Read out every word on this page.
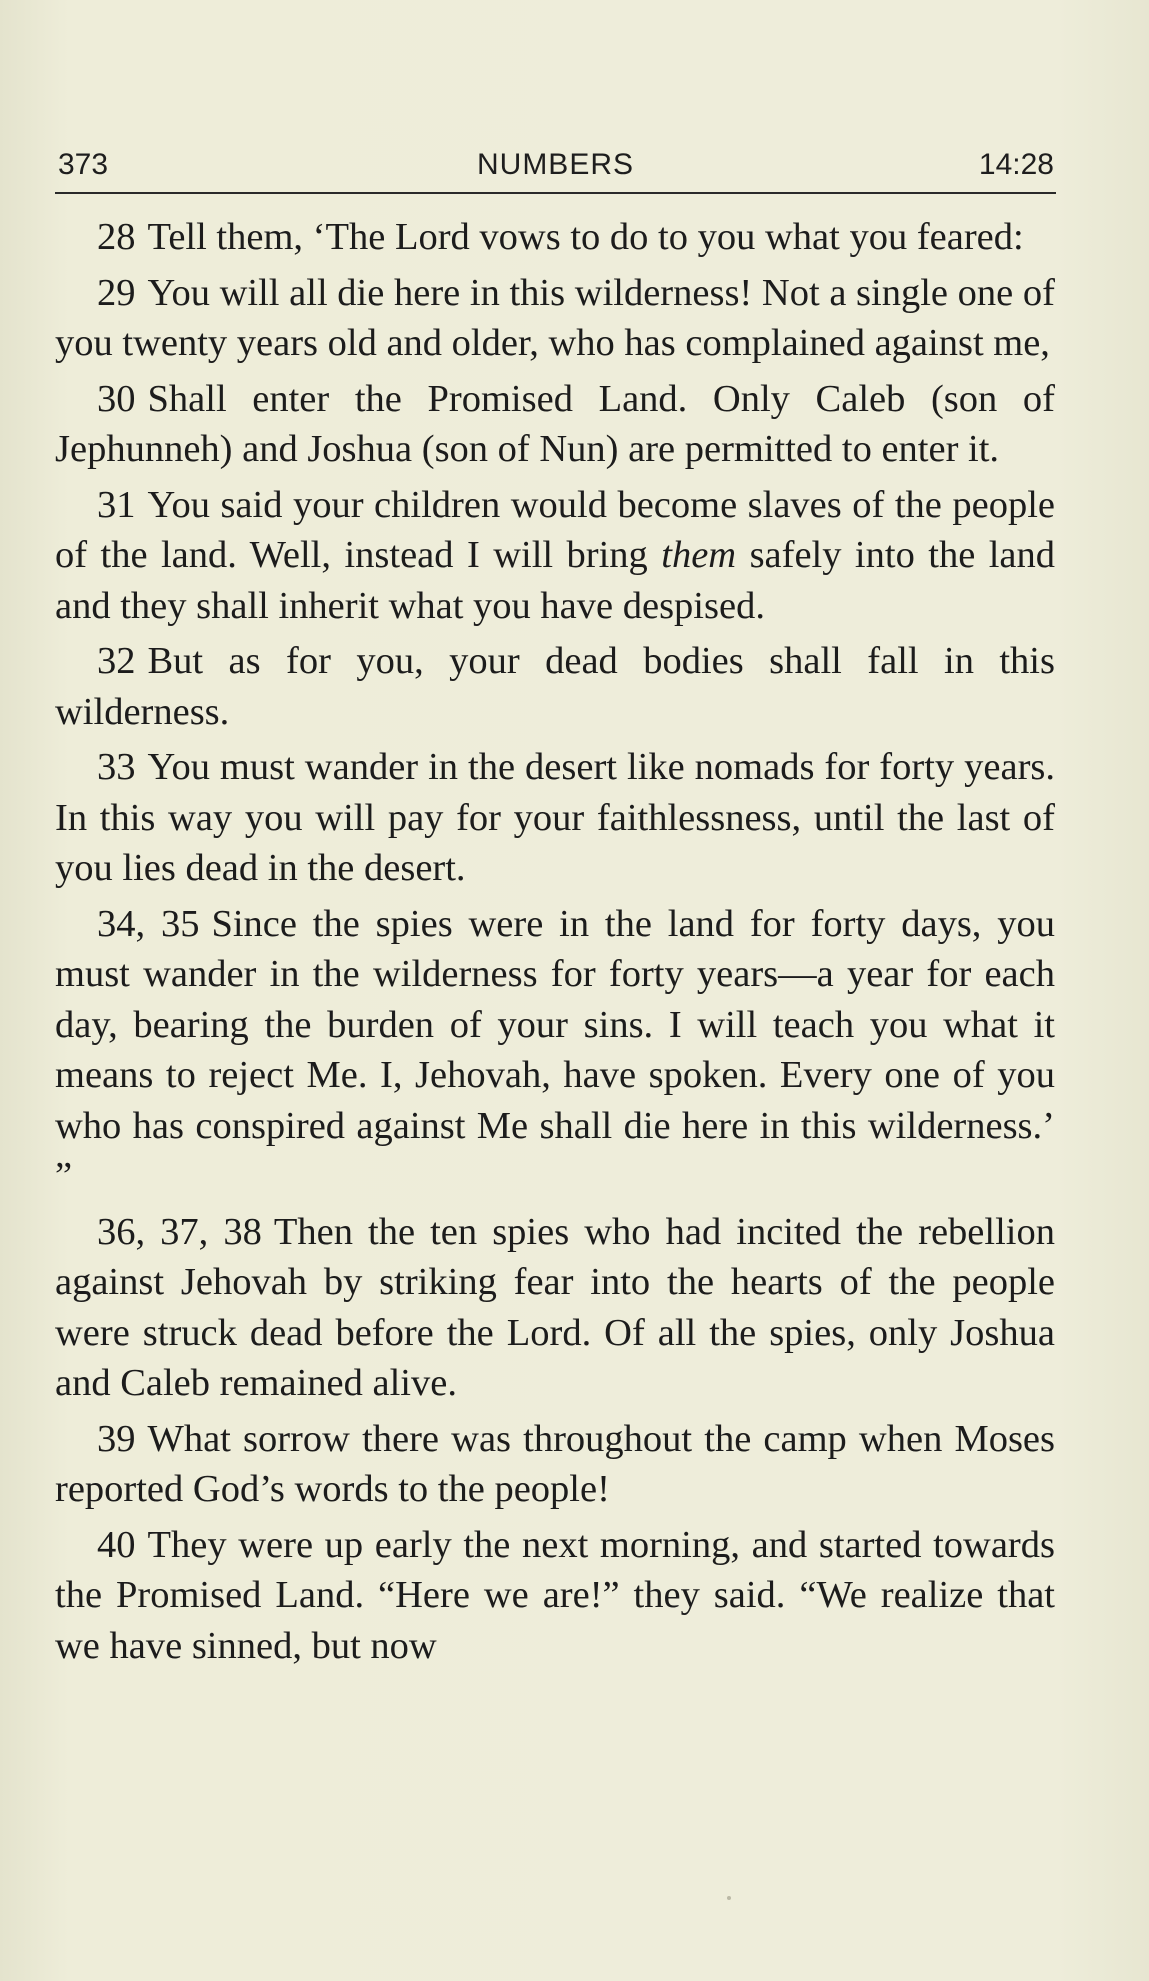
373	NUMBERS	14:28

28 Tell them, ‘The Lord vows to do to you what you feared:

29 You will all die here in this wilderness! Not a single one of you twenty years old and older, who has complained against me,

30 Shall enter the Promised Land. Only Caleb (son of Jephunneh) and Joshua (son of Nun) are permitted to enter it.

31 You said your children would become slaves of the people of the land. Well, instead I will bring them safely into the land and they shall inherit what you have despised.

32 But as for you, your dead bodies shall fall in this wilderness.

33 You must wander in the desert like nomads for forty years. In this way you will pay for your faithlessness, until the last of you lies dead in the desert.

34, 35 Since the spies were in the land for forty days, you must wander in the wilderness for forty years—a year for each day, bearing the burden of your sins. I will teach you what it means to reject Me. I, Jehovah, have spoken. Every one of you who has conspired against Me shall die here in this wilderness.’ ”

36, 37, 38 Then the ten spies who had incited the rebellion against Jehovah by striking fear into the hearts of the people were struck dead before the Lord. Of all the spies, only Joshua and Caleb remained alive.

39 What sorrow there was throughout the camp when Moses reported God’s words to the people!

40 They were up early the next morning, and started towards the Promised Land. “Here we are!” they said. “We realize that we have sinned, but now
